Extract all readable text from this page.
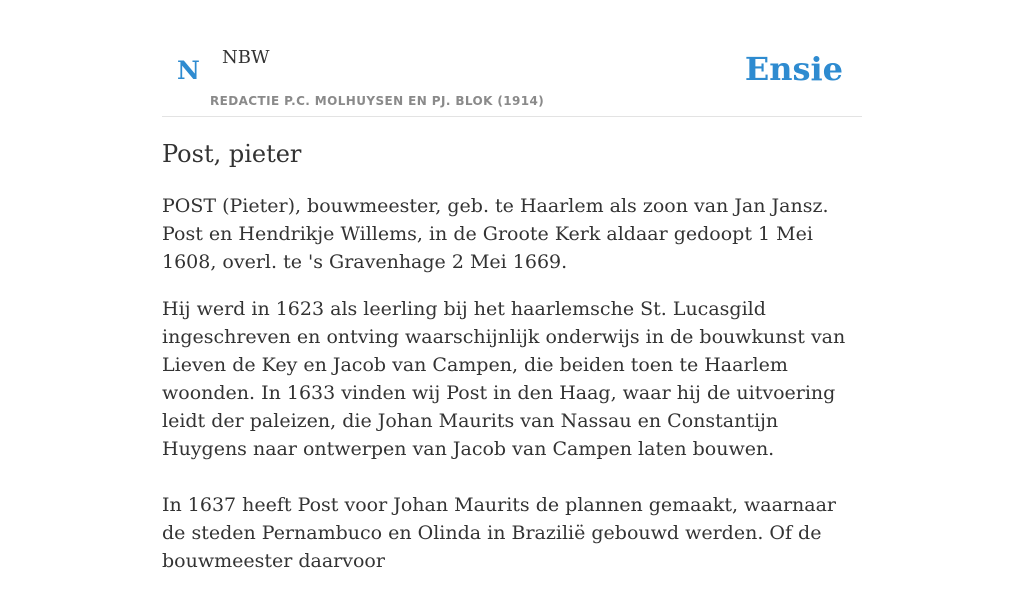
N NBW
REDACTIE P.C. MOLHUYSEN EN PJ. BLOK (1914)
Ensie
Post, pieter

POST (Pieter), bouwmeester, geb. te Haarlem als zoon van Jan Jansz. Post en Hendrikje Willems, in de Groote Kerk aldaar gedoopt 1 Mei 1608, overl. te 's Gravenhage 2 Mei 1669.

Hij werd in 1623 als leerling bij het haarlemsche St. Lucasgild ingeschreven en ontving waarschijnlijk onderwijs in de bouwkunst van Lieven de Key en Jacob van Campen, die beiden toen te Haarlem woonden. In 1633 vinden wij Post in den Haag, waar hij de uitvoering leidt der paleizen, die Johan Maurits van Nassau en Constantijn Huygens naar ontwerpen van Jacob van Campen laten bouwen.

In 1637 heeft Post voor Johan Maurits de plannen gemaakt, waarnaar de steden Pernambuco en Olinda in Brazilië gebouwd werden. Of de bouwmeester daarvoor
